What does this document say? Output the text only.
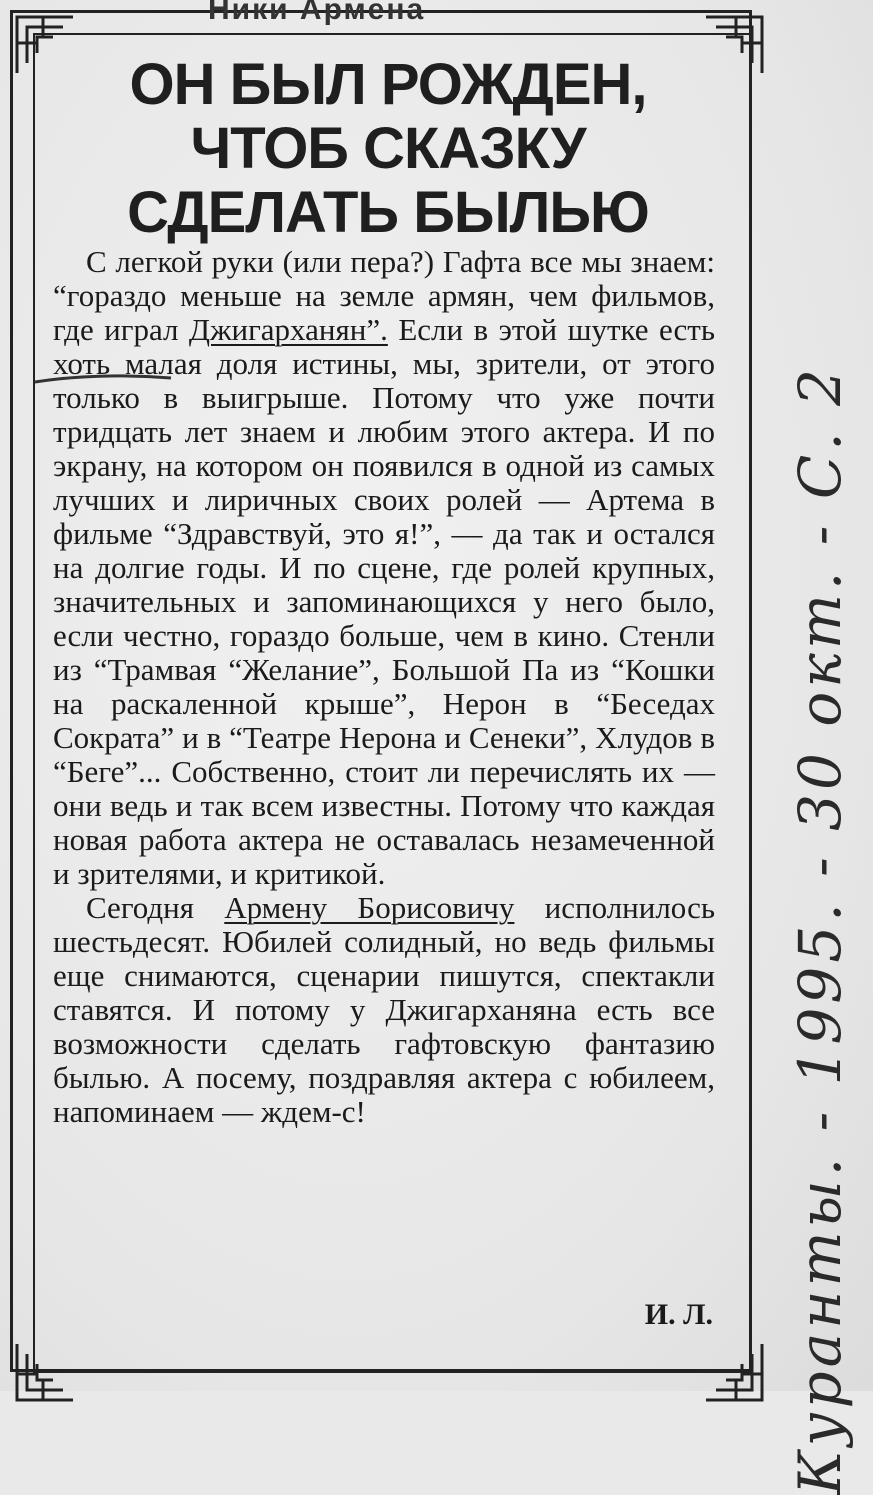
Ники Армена
ОН БЫЛ РОЖДЕН,
ЧТОБ СКАЗКУ
СДЕЛАТЬ БЫЛЬЮ

С легкой руки (или пера?) Гафта все мы знаем: “гораздо меньше на земле армян, чем фильмов, где играл Джигарханян”. Если в этой шутке есть хоть малая доля истины, мы, зрители, от этого только в выигрыше. Потому что уже почти тридцать лет знаем и любим этого актера. И по экрану, на котором он появился в одной из самых лучших и лиричных своих ролей — Артема в фильме “Здравствуй, это я!”, — да так и остался на долгие годы. И по сцене, где ролей крупных, значительных и запоминающихся у него было, если честно, гораздо больше, чем в кино. Стенли из “Трамвая “Желание”, Большой Па из “Кошки на раскаленной крыше”, Нерон в “Беседах Сократа” и в “Театре Нерона и Сенеки”, Хлудов в “Беге”... Собственно, стоит ли перечислять их — они ведь и так всем известны. Потому что каждая новая работа актера не оставалась незамеченной и зрителями, и критикой.

Сегодня Армену Борисовичу исполнилось шестьдесят. Юбилей солидный, но ведь фильмы еще снимаются, сценарии пишутся, спектакли ставятся. И потому у Джигарханяна есть все возможности сделать гафтовскую фантазию былью. А посему, поздравляя актера с юбилеем, напоминаем — ждем-с!

И. Л. Куранты. - 1995. - 30 окт. - С. 2
